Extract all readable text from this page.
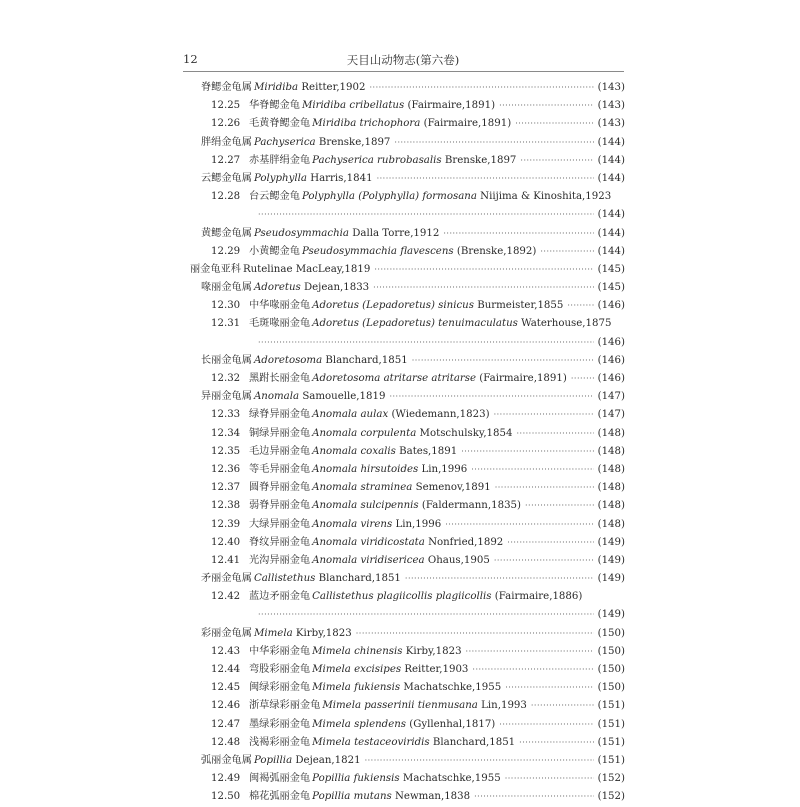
12	天目山动物志(第六卷)
脊鳃金龟属 Miridiba Reitter,1902 ·····	(143)
12.25 华脊鳃金龟 Miridiba cribellatus (Fairmaire,1891) ·····	(143)
12.26 毛黄脊鳃金龟 Miridiba trichophora (Fairmaire,1891) ·····	(143)
胖绢金龟属 Pachyserica Brenske,1897 ·····	(144)
12.27 赤基胖绢金龟 Pachyserica rubrobasalis Brenske,1897 ·····	(144)
云鳃金龟属 Polyphylla Harris,1841 ·····	(144)
12.28 台云鳃金龟 Polyphylla (Polyphylla) formosana Niijima & Kinoshita,1923
·····
(144)
黄鳃金龟属 Pseudosymmachia Dalla Torre,1912 ·····	(144)
12.29 小黄鳃金龟 Pseudosymmachia flavescens (Brenske,1892) ·····	(144)
丽金龟亚科 Rutelinae MacLeay,1819 ·····	(145)
喙丽金龟属 Adoretus Dejean,1833 ·····	(145)
12.30 中华喙丽金龟 Adoretus (Lepadoretus) sinicus Burmeister,1855 ·····	(146)
12.31 毛斑喙丽金龟 Adoretus (Lepadoretus) tenuimaculatus Waterhouse,1875
·····
(146)
长丽金龟属 Adoretosoma Blanchard,1851 ·····	(146)
12.32 黑跗长丽金龟 Adoretosoma atritarse atritarse (Fairmaire,1891) ·····	(146)
异丽金龟属 Anomala Samouelle,1819 ·····	(147)
12.33 绿脊异丽金龟 Anomala aulax (Wiedemann,1823) ·····	(147)
12.34 铜绿异丽金龟 Anomala corpulenta Motschulsky,1854 ·····	(148)
12.35 毛边异丽金龟 Anomala coxalis Bates,1891 ·····	(148)
12.36 等毛异丽金龟 Anomala hirsutoides Lin,1996 ·····	(148)
12.37 圆脊异丽金龟 Anomala straminea Semenov,1891 ·····	(148)
12.38 弱脊异丽金龟 Anomala sulcipennis (Faldermann,1835) ·····	(148)
12.39 大绿异丽金龟 Anomala virens Lin,1996 ·····	(148)
12.40 脊纹异丽金龟 Anomala viridicostata Nonfried,1892 ·····	(149)
12.41 光沟异丽金龟 Anomala viridisericea Ohaus,1905 ·····	(149)
矛丽金龟属 Callistethus Blanchard,1851 ·····	(149)
12.42 蓝边矛丽金龟 Callistethus plagiicollis plagiicollis (Fairmaire,1886)
·····
(149)
彩丽金龟属 Mimela Kirby,1823 ·····	(150)
12.43 中华彩丽金龟 Mimela chinensis Kirby,1823 ·····	(150)
12.44 弯股彩丽金龟 Mimela excisipes Reitter,1903 ·····	(150)
12.45 闽绿彩丽金龟 Mimela fukiensis Machatschke,1955 ·····	(150)
12.46 浙草绿彩丽金龟 Mimela passerinii tienmusana Lin,1993 ·····	(151)
12.47 墨绿彩丽金龟 Mimela splendens (Gyllenhal,1817) ·····	(151)
12.48 浅褐彩丽金龟 Mimela testaceoviridis Blanchard,1851 ·····	(151)
弧丽金龟属 Popillia Dejean,1821 ·····	(151)
12.49 闽褐弧丽金龟 Popillia fukiensis Machatschke,1955 ·····	(152)
12.50 棉花弧丽金龟 Popillia mutans Newman,1838 ·····	(152)
